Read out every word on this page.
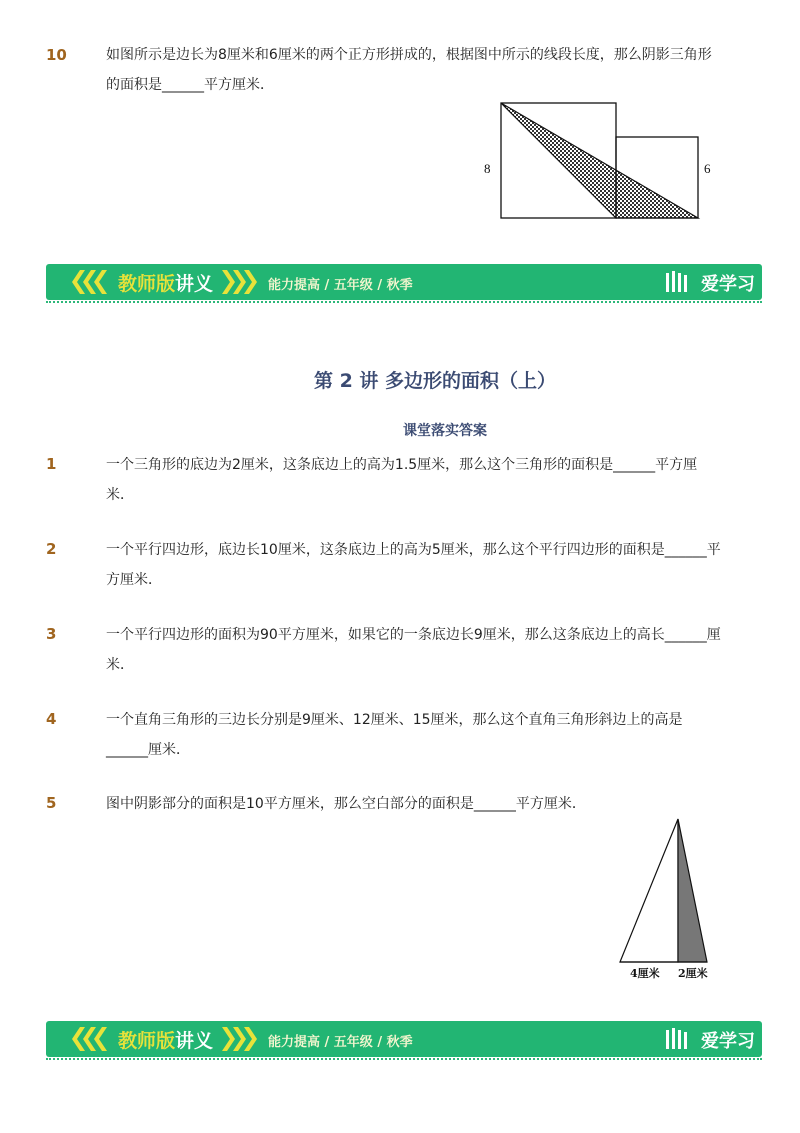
10	如图所示是边长为8厘米和6厘米的两个正方形拼成的，根据图中所示的线段长度，那么阴影三角形的面积是______平方厘米．
8	6
教师版讲义	能力提高 / 五年级 / 秋季	爱学习
第 2 讲 多边形的面积（上）
课堂落实答案
1	一个三角形的底边为2厘米，这条底边上的高为1.5厘米，那么这个三角形的面积是______平方厘米．
2	一个平行四边形，底边长10厘米，这条底边上的高为5厘米，那么这个平行四边形的面积是______平方厘米．
3	一个平行四边形的面积为90平方厘米，如果它的一条底边长9厘米，那么这条底边上的高长______厘米．
4	一个直角三角形的三边长分别是9厘米、12厘米、15厘米，那么这个直角三角形斜边上的高是______厘米．
5	图中阴影部分的面积是10平方厘米，那么空白部分的面积是______平方厘米．
4厘米 2厘米
教师版讲义	能力提高 / 五年级 / 秋季	爱学习
